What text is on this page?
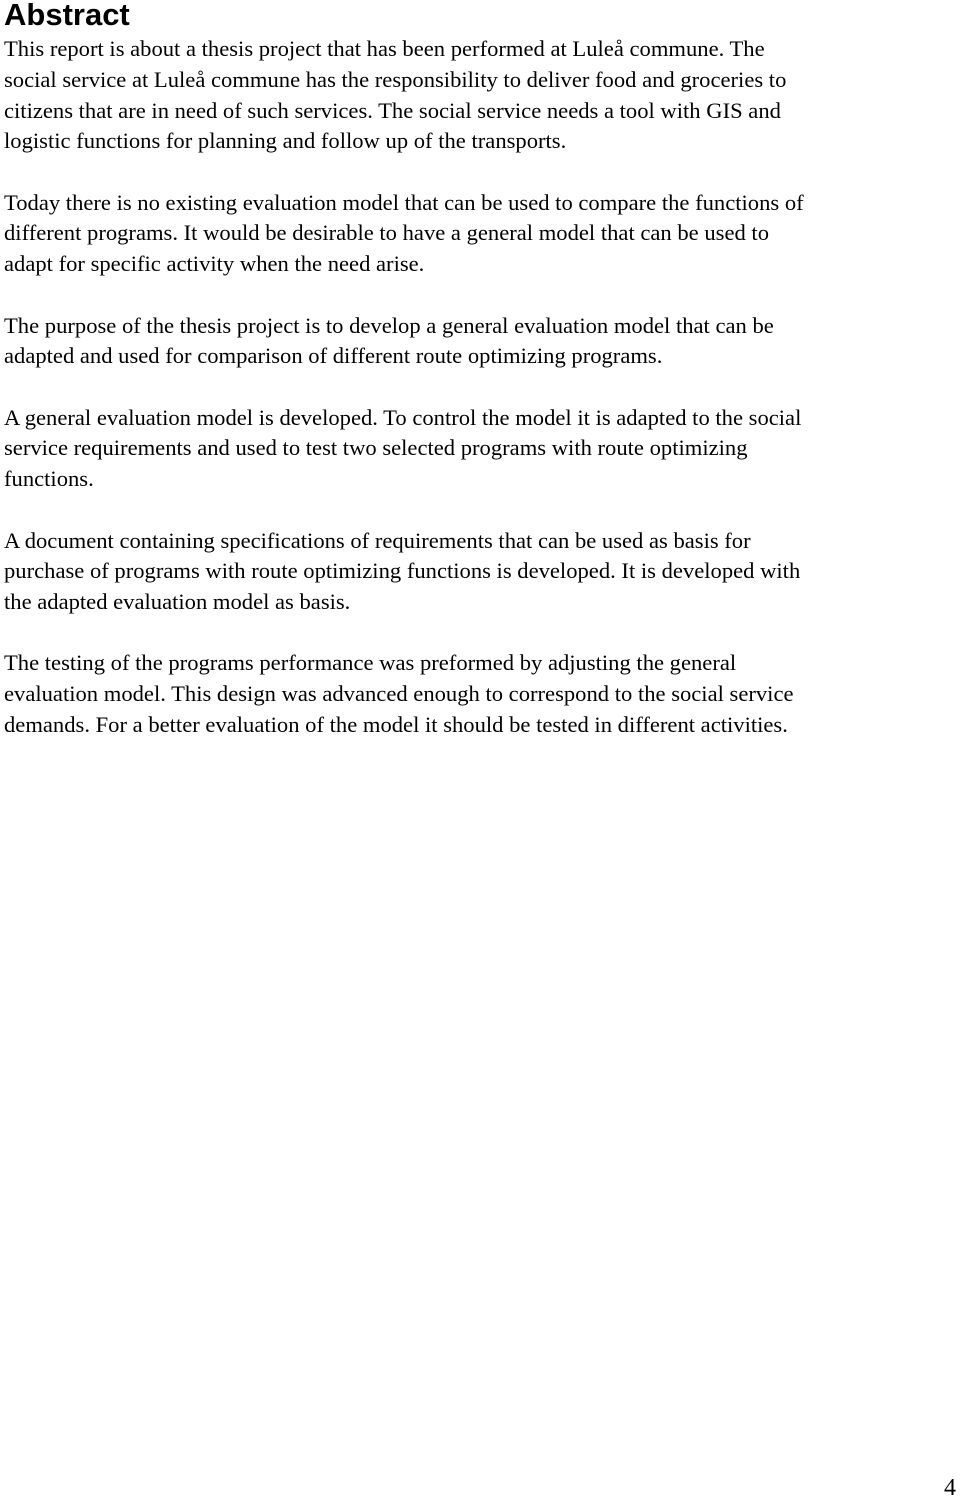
Abstract

This report is about a thesis project that has been performed at Luleå commune. The
social service at Luleå commune has the responsibility to deliver food and groceries to
citizens that are in need of such services. The social service needs a tool with GIS and
logistic functions for planning and follow up of the transports.

Today there is no existing evaluation model that can be used to compare the functions of
different programs. It would be desirable to have a general model that can be used to
adapt for specific activity when the need arise.

The purpose of the thesis project is to develop a general evaluation model that can be
adapted and used for comparison of different route optimizing programs.

A general evaluation model is developed. To control the model it is adapted to the social
service requirements and used to test two selected programs with route optimizing
functions.

A document containing specifications of requirements that can be used as basis for
purchase of programs with route optimizing functions is developed. It is developed with
the adapted evaluation model as basis.

The testing of the programs performance was preformed by adjusting the general
evaluation model. This design was advanced enough to correspond to the social service
demands. For a better evaluation of the model it should be tested in different activities.

4
